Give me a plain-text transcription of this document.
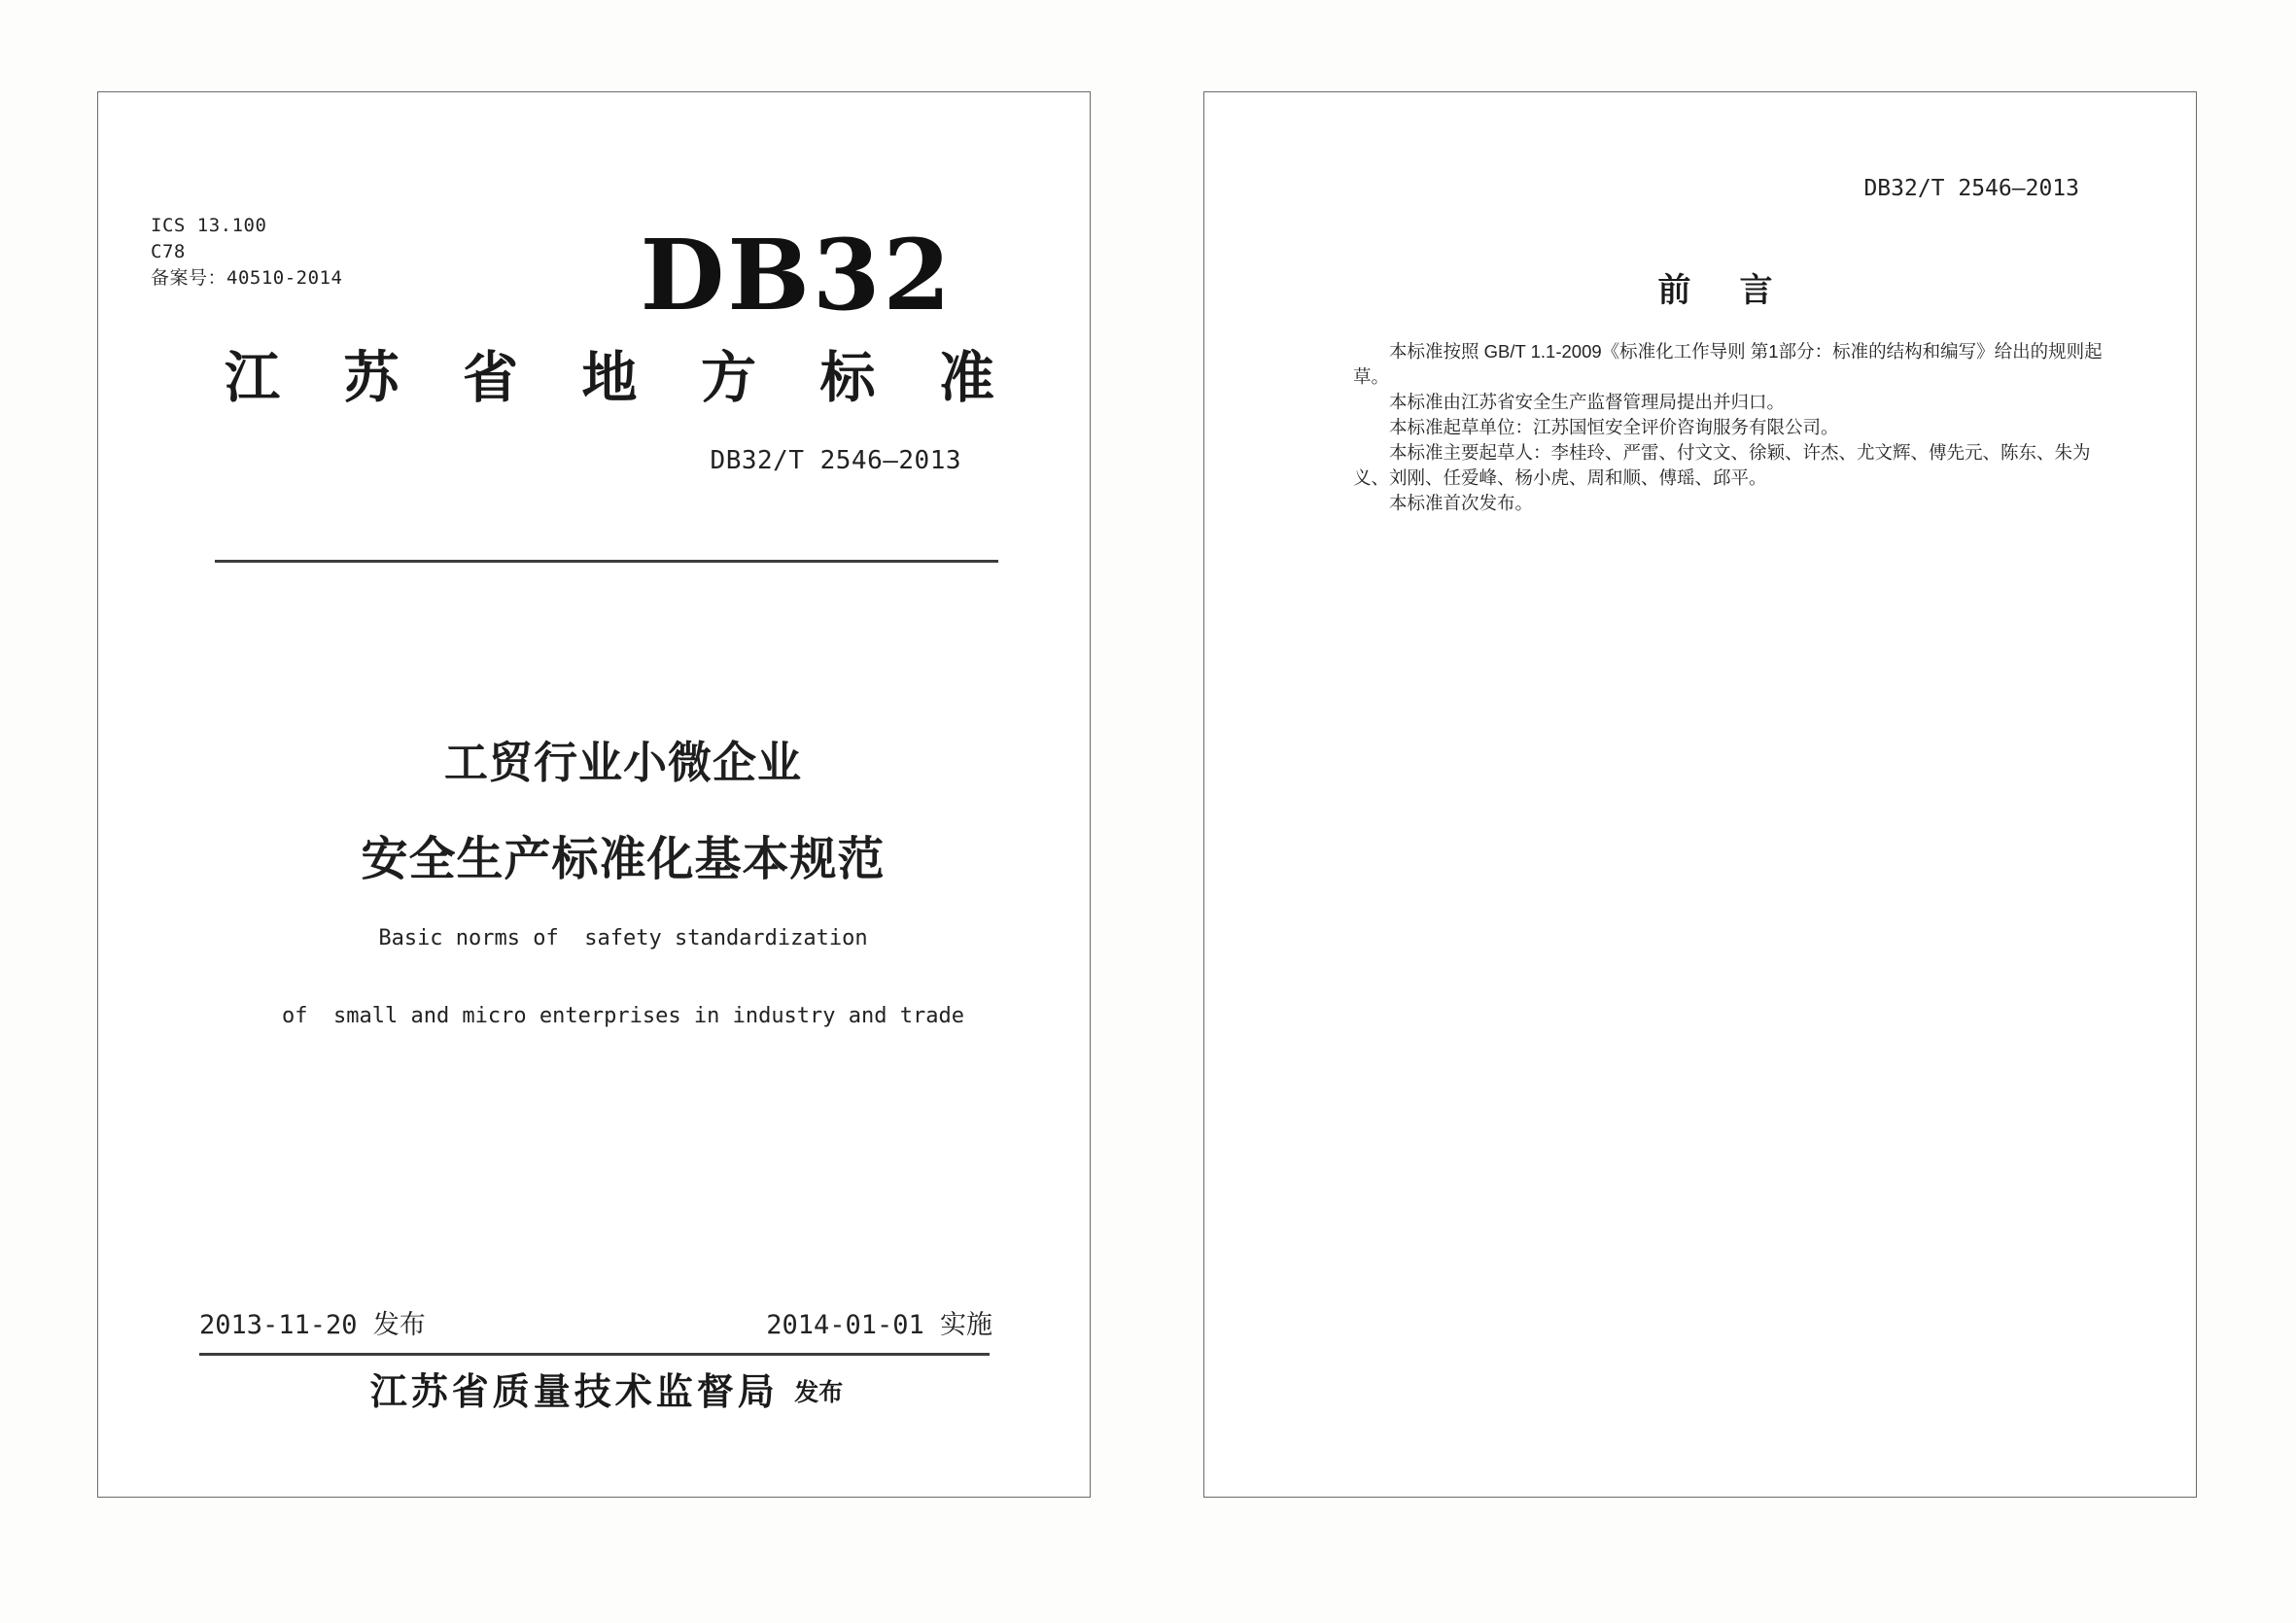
ICS 13.100
C78
备案号：40510-2014	DB32
江 苏 省 地 方 标 准
DB32/T 2546—2013
工贸行业小微企业
安全生产标准化基本规范
Basic norms of  safety standardization
of  small and micro enterprises in industry and trade
2013-11-20 发布	2014-01-01 实施
江苏省质量技术监督局 发布
DB32/T 2546—2013
前　言
本标准按照 GB/T 1.1-2009《标准化工作导则 第1部分：标准的结构和编写》给出的规则起
草。
本标准由江苏省安全生产监督管理局提出并归口。
本标准起草单位：江苏国恒安全评价咨询服务有限公司。
本标准主要起草人：李桂玲、严雷、付文文、徐颖、许杰、尤文辉、傅先元、陈东、朱为
义、刘刚、任爱峰、杨小虎、周和顺、傅瑶、邱平。
本标准首次发布。
